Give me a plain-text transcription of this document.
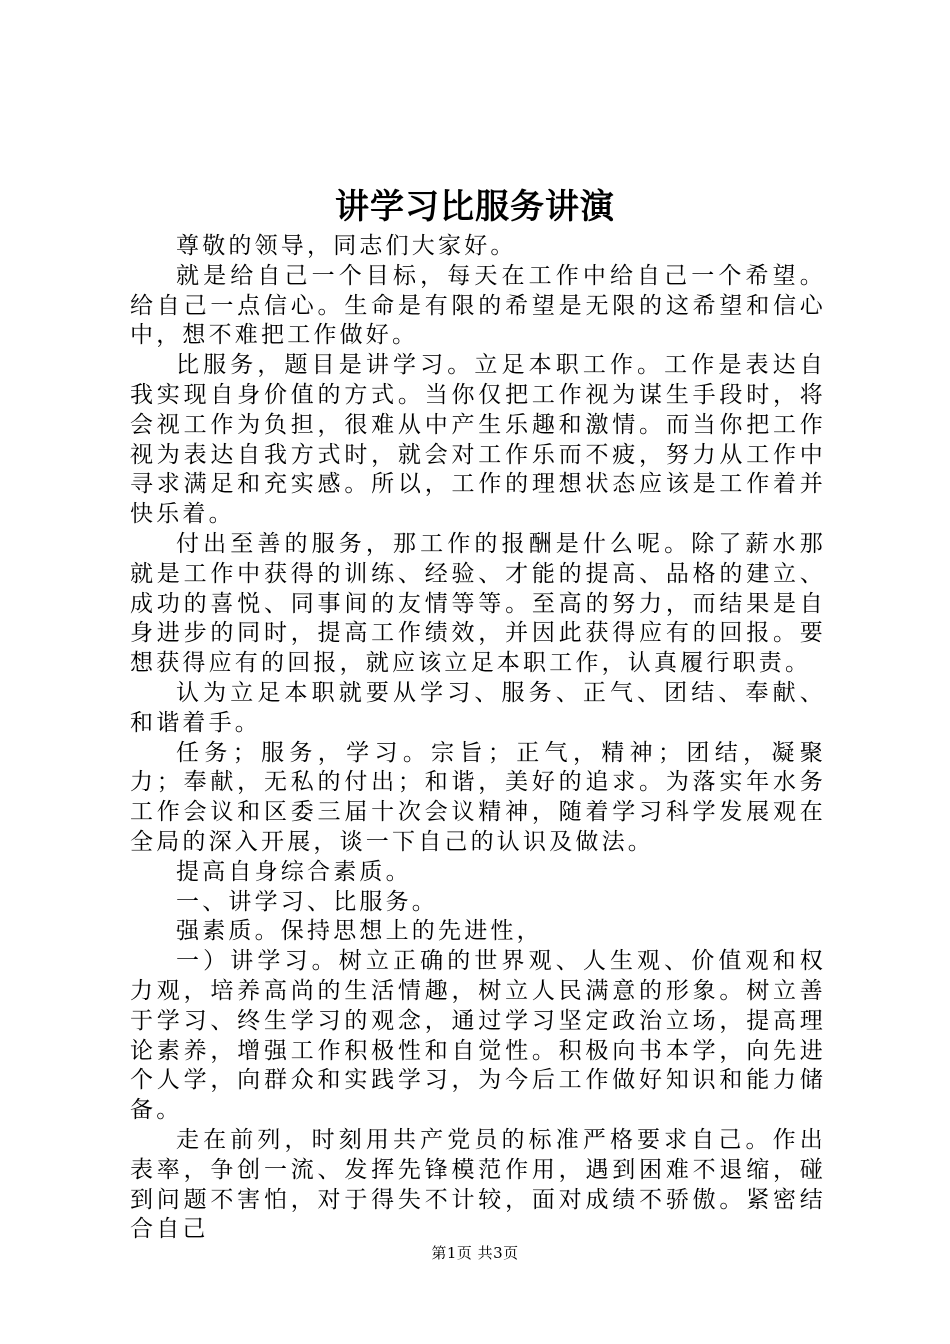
讲学习比服务讲演

尊敬的领导，同志们大家好。

就是给自己一个目标，每天在工作中给自己一个希望。给自己一点信心。生命是有限的希望是无限的这希望和信心中，想不难把工作做好。

比服务，题目是讲学习。立足本职工作。工作是表达自我实现自身价值的方式。当你仅把工作视为谋生手段时，将会视工作为负担，很难从中产生乐趣和激情。而当你把工作视为表达自我方式时，就会对工作乐而不疲，努力从工作中寻求满足和充实感。所以，工作的理想状态应该是工作着并快乐着。

付出至善的服务，那工作的报酬是什么呢。除了薪水那就是工作中获得的训练、经验、才能的提高、品格的建立、成功的喜悦、同事间的友情等等。至高的努力，而结果是自身进步的同时，提高工作绩效，并因此获得应有的回报。要想获得应有的回报，就应该立足本职工作，认真履行职责。

认为立足本职就要从学习、服务、正气、团结、奉献、和谐着手。

任务；服务，学习。宗旨；正气，精神；团结，凝聚力；奉献，无私的付出；和谐，美好的追求。为落实年水务工作会议和区委三届十次会议精神，随着学习科学发展观在全局的深入开展，谈一下自己的认识及做法。

提高自身综合素质。

一、讲学习、比服务。

强素质。保持思想上的先进性，

一）讲学习。树立正确的世界观、人生观、价值观和权力观，培养高尚的生活情趣，树立人民满意的形象。树立善于学习、终生学习的观念，通过学习坚定政治立场，提高理论素养，增强工作积极性和自觉性。积极向书本学，向先进个人学，向群众和实践学习，为今后工作做好知识和能力储备。

走在前列，时刻用共产党员的标准严格要求自己。作出表率，争创一流、发挥先锋模范作用，遇到困难不退缩，碰到问题不害怕，对于得失不计较，面对成绩不骄傲。紧密结合自己

第1页 共3页
